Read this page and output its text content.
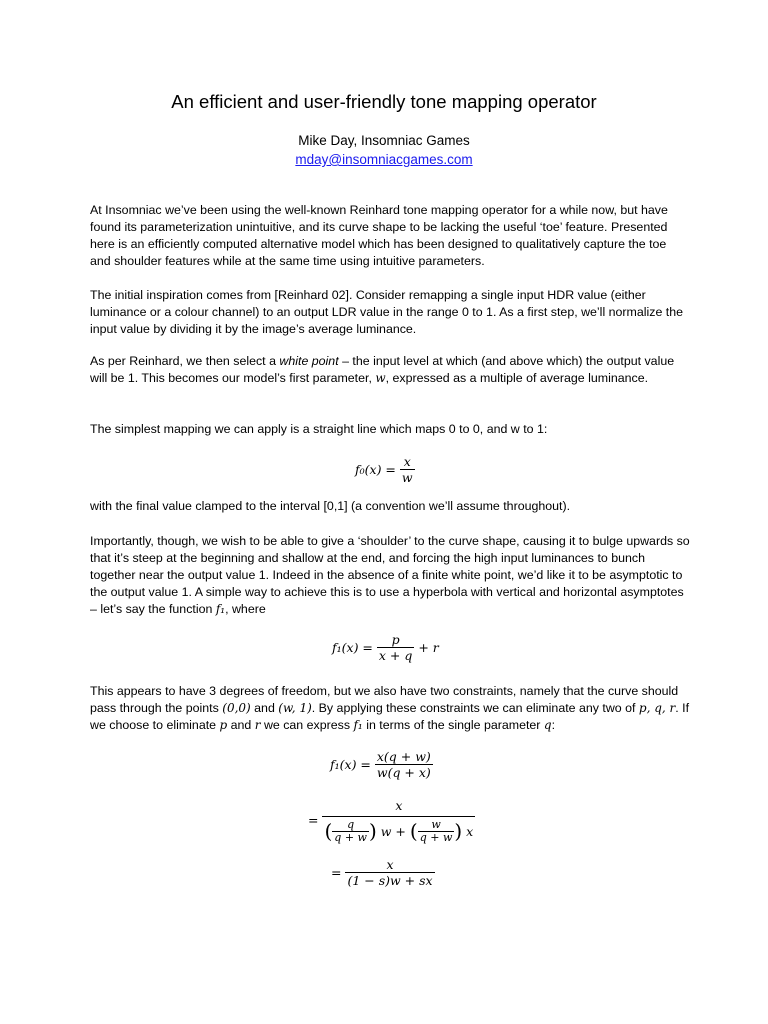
An efficient and user-friendly tone mapping operator
Mike Day, Insomniac Games
mday@insomniacgames.com
At Insomniac we’ve been using the well-known Reinhard tone mapping operator for a while now, but have found its parameterization unintuitive, and its curve shape to be lacking the useful ‘toe’ feature. Presented here is an efficiently computed alternative model which has been designed to qualitatively capture the toe and shoulder features while at the same time using intuitive parameters.
The initial inspiration comes from [Reinhard 02]. Consider remapping a single input HDR value (either luminance or a colour channel) to an output LDR value in the range 0 to 1. As a first step, we’ll normalize the input value by dividing it by the image’s average luminance.
As per Reinhard, we then select a white point – the input level at which (and above which) the output value will be 1. This becomes our model’s first parameter, w, expressed as a multiple of average luminance.
The simplest mapping we can apply is a straight line which maps 0 to 0, and w to 1:
$f_0(x) = \frac{x}{w}$
with the final value clamped to the interval [0,1] (a convention we’ll assume throughout).
Importantly, though, we wish to be able to give a ‘shoulder’ to the curve shape, causing it to bulge upwards so that it’s steep at the beginning and shallow at the end, and forcing the high input luminances to bunch together near the output value 1. Indeed in the absence of a finite white point, we’d like it to be asymptotic to the output value 1. A simple way to achieve this is to use a hyperbola with vertical and horizontal asymptotes – let’s say the function f₁, where
$f_1(x) = \frac{p}{x + q} + r$
This appears to have 3 degrees of freedom, but we also have two constraints, namely that the curve should pass through the points (0,0) and (w, 1). By applying these constraints we can eliminate any two of p, q, r. If we choose to eliminate p and r we can express f₁ in terms of the single parameter q:
$f_1(x) = \frac{x(q + w)}{w(q + x)}$
= $\frac{x}{( \frac{q}{q + w} ) w + ( \frac{w}{q + w} ) x}$
= $\frac{x}{(1 - s)w + sx}$
